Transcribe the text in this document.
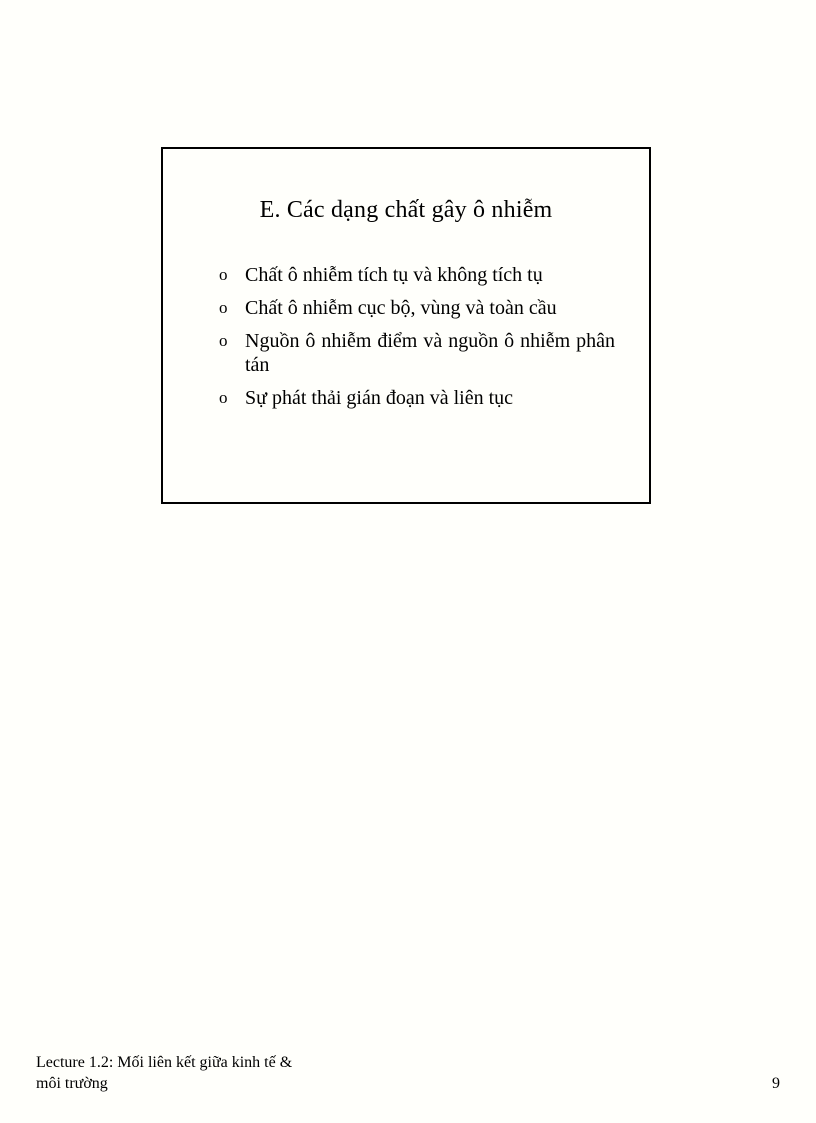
E. Các dạng chất gây ô nhiễm
o Chất ô nhiễm tích tụ và không tích tụ
o Chất ô nhiễm cục bộ, vùng và toàn cầu
o Nguồn ô nhiễm điểm và nguồn ô nhiễm phân tán
o Sự phát thải gián đoạn và liên tục
Lecture 1.2: Mối liên kết giữa kinh tế &
môi trường	9
